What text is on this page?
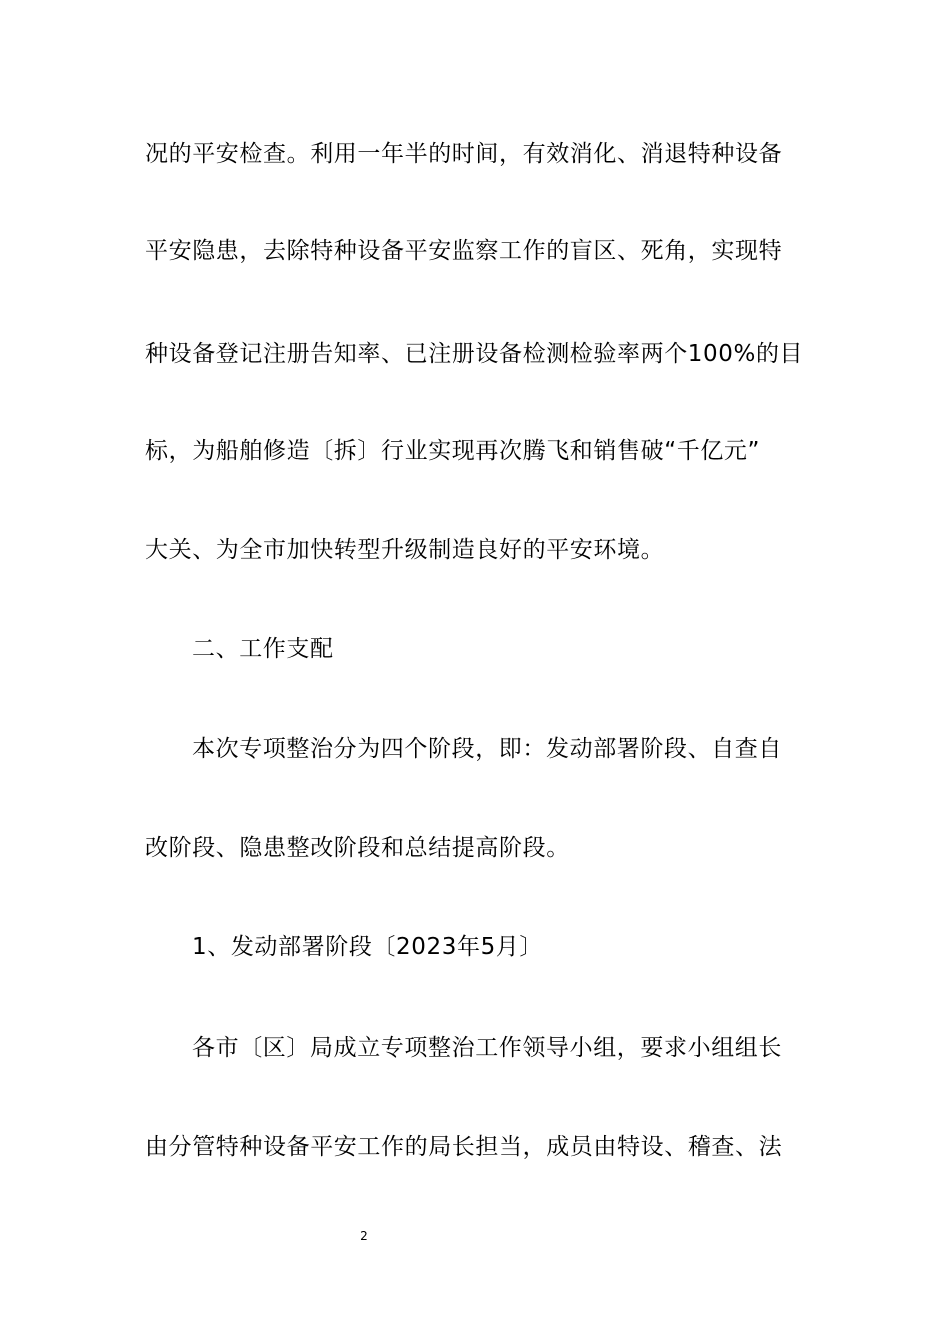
况的平安检查。利用一年半的时间，有效消化、消退特种设备
平安隐患，去除特种设备平安监察工作的盲区、死角，实现特
种设备登记注册告知率、已注册设备检测检验率两个100%的目
标，为船舶修造〔拆〕行业实现再次腾飞和销售破“千亿元”
大关、为全市加快转型升级制造良好的平安环境。
二、工作支配
本次专项整治分为四个阶段，即：发动部署阶段、自查自
改阶段、隐患整改阶段和总结提高阶段。
1、发动部署阶段〔2023年5月〕
各市〔区〕局成立专项整治工作领导小组，要求小组组长
由分管特种设备平安工作的局长担当，成员由特设、稽查、法
2
